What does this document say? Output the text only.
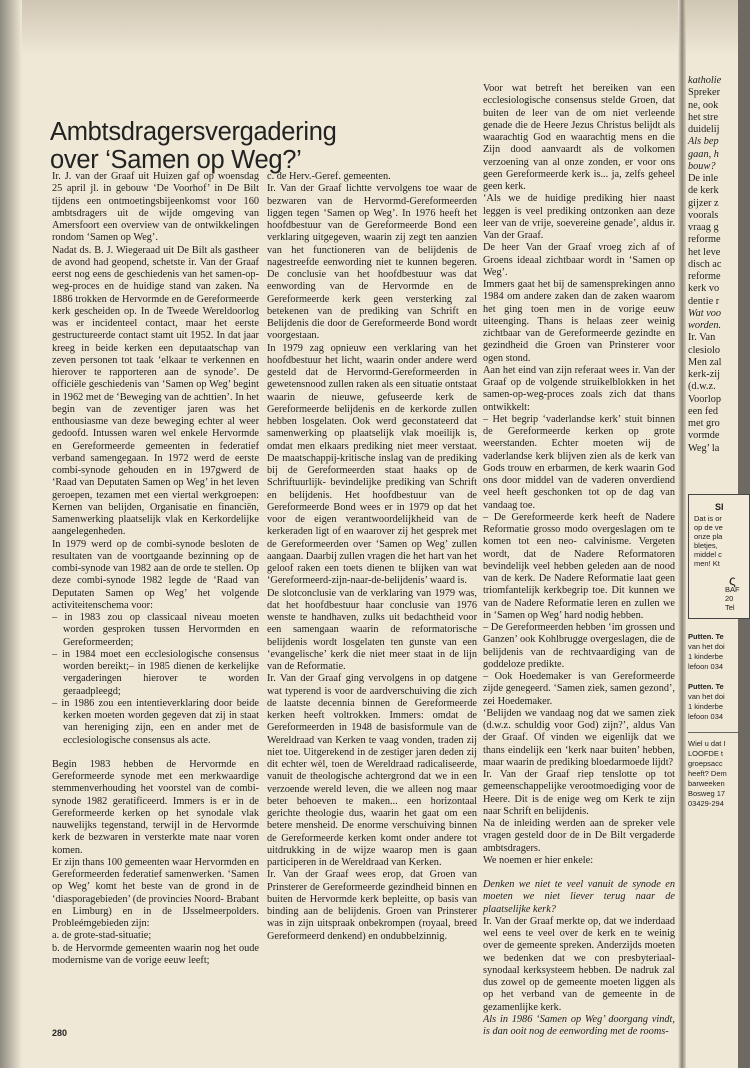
Ambtsdragersvergadering
over ‘Samen op Weg?’

Ir. J. van der Graaf uit Huizen gaf op woensdag 25 april jl. in gebouw ‘De Voorhof’ in De Bilt tijdens een ontmoetingsbijeenkomst voor 160 ambtsdragers uit de wijde omgeving van Amersfoort een overview van de ontwikkelingen rondom ‘Samen op Weg’.

Nadat ds. B. J. Wiegeraad uit De Bilt als gastheer de avond had geopend, schetste ir. Van der Graaf eerst nog eens de geschiedenis van het samen-op-weg-proces en de huidige stand van zaken. Na 1886 trokken de Hervormde en de Gereformeerde kerk gescheiden op. In de Tweede Wereldoorlog was er incidenteel contact, maar het eerste gestructureerde contact stamt uit 1952. In dat jaar kreeg in beide kerken een deputaatschap van zeven personen tot taak ‘elkaar te verkennen en hierover te rapporteren aan de synode’. De officiële geschiedenis van ‘Samen op Weg’ begint in 1962 met de ‘Beweging van de achttien’. In het begin van de zeventiger jaren was het enthousiasme van deze beweging echter al weer gedoofd. Intussen waren wel enkele Hervormde en Gereformeerde gemeenten in federatief verband samengegaan. In 1972 werd de eerste combi-synode gehouden en in 197gwerd de ‘Raad van Deputaten Samen op Weg’ in het leven geroepen, tezamen met een viertal werkgroepen: Kernen van belijden, Organisatie en financiën, Samenwerking plaatselijk vlak en Kerkordelijke aangelegenheden.

In 1979 werd op de combi-synode besloten de resultaten van de voortgaande bezinning op de combi-synode van 1982 aan de orde te stellen. Op deze combi-synode 1982 legde de ‘Raad van Deputaten Samen op Weg’ het volgende activiteitenschema voor:

– in 1983 zou op classicaal niveau moeten worden gesproken tussen Hervormden en Gereformeerden;
– in 1984 moet een ecclesiologische consensus worden bereikt;– in 1985 dienen de kerkelijke vergaderingen hierover te worden geraadpleegd;
– in 1986 zou een intentieverklaring door beide kerken moeten worden gegeven dat zij in staat van hereniging zijn, een en ander met de ecclesiologische consensus als acte.

Begin 1983 hebben de Hervormde en Gereformeerde synode met een merkwaardige stemmenverhouding het voorstel van de combi-synode 1982 geratificeerd. Immers is er in de Gereformeerde kerken op het synodale vlak nauwelijks tegenstand, terwijl in de Hervormde kerk de bezwaren in versterkte mate naar voren komen.

Er zijn thans 100 gemeenten waar Hervormden en Gereformeerden federatief samenwerken. ‘Samen op Weg’ komt het beste van de grond in de ‘diasporagebieden’ (de provincies Noord- Brabant en Limburg) en in de IJsselmeerpolders. Probleémgebieden zijn:

a. de grote-stad-situatie;

b. de Hervormde gemeenten waarin nog het oude modernisme van de vorige eeuw leeft;

c. de Herv.-Geref. gemeenten.

Ir. Van der Graaf lichtte vervolgens toe waar de bezwaren van de Hervormd-Gereformeerden liggen tegen ‘Samen op Weg’. In 1976 heeft het hoofdbestuur van de Gereformeerde Bond een verklaring uitgegeven, waarin zij zegt ten aanzien van het functioneren van de belijdenis de nagestreefde eenwording niet te kunnen begeren. De conclusie van het hoofdbestuur was dat eenwording van de Hervormde en de Gereformeerde kerk geen versterking zal betekenen van de prediking van Schrift en Belijdenis die door de Gereformeerde Bond wordt voorgestaan.

In 1979 zag opnieuw een verklaring van het hoofdbestuur het licht, waarin onder andere werd gesteld dat de Hervormd-Gereformeerden in gewetensnood zullen raken als een situatie ontstaat waarin de nieuwe, gefuseerde kerk de Gereformeerde belijdenis en de kerkorde zullen hebben losgelaten. Ook werd geconstateerd dat samenwerking op plaatselijk vlak moeilijk is, omdat men elkaars prediking niet meer verstaat. De maatschappij-kritische inslag van de prediking bij de Gereformeerden staat haaks op de Schriftuurlijk- bevindelijke prediking van Schrift en belijdenis. Het hoofdbestuur van de Gereformeerde Bond wees er in 1979 op dat het voor de eigen verantwoordelijkheid van de kerkeraden ligt of en waarover zij het gesprek met de Gereformeerden over ‘Samen op Weg’ zullen aangaan. Daarbij zullen vragen die het hart van het geloof raken een toets dienen te blijken van wat ‘Gereformeerd-zijn-naar-de-belijdenis’ waard is.

De slotconclusie van de verklaring van 1979 was, dat het hoofdbestuur haar conclusie van 1976 wenste te handhaven, zulks uit bedachtheid voor een samengaan waarin de reformatorische belijdenis wordt losgelaten ten gunste van een ‘evangelische’ kerk die niet meer staat in de lijn van de Reformatie.

Ir. Van der Graaf ging vervolgens in op datgene wat typerend is voor de aardverschuiving die zich de laatste decennia binnen de Gereformeerde kerken heeft voltrokken. Immers: omdat de Gereformeerden in 1948 de basisformule van de Wereldraad van Kerken te vaag vonden, traden zij niet toe. Uitgerekend in de zestiger jaren deden zij dit echter wèl, toen de Wereldraad radicaliseerde, vanuit de theologische achtergrond dat we in een verzoende wereld leven, die we alleen nog maar beter behoeven te maken... een horizontaal gerichte theologie dus, waarin het gaat om een betere mensheid. De enorme verschuiving binnen de Gereformeerde kerken komt onder andere tot uitdrukking in de wijze waarop men is gaan participeren in de Wereldraad van Kerken.

Ir. Van der Graaf wees erop, dat Groen van Prinsterer de Gereformeerde gezindheid binnen en buiten de Hervormde kerk bepleitte, op basis van binding aan de belijdenis. Groen van Prinsterer was in zijn uitspraak onbekrompen (royaal, breed Gereformeerd denkend) en ondubbelzinnig.

Voor wat betreft het bereiken van een ecclesiologische consensus stelde Groen, dat buiten de leer van de om niet verleende genade die de Heere Jezus Christus belijdt als waarachtig God en waarachtig mens en die Zijn dood aanvaardt als de volkomen verzoening van al onze zonden, er voor ons geen Gereformeerde kerk is... ja, zelfs geheel geen kerk.

‘Als we de huidige prediking hier naast leggen is veel prediking ontzonken aan deze leer van de vrije, soevereine genade’, aldus ir. Van der Graaf.

De heer Van der Graaf vroeg zich af of Groens ideaal zichtbaar wordt in ‘Samen op Weg’.

Immers gaat het bij de samensprekingen anno 1984 om andere zaken dan de zaken waarom het ging toen men in de vorige eeuw uiteenging. Thans is helaas zeer weinig zichtbaar van de Gereformeerde gezindte en gezindheid die Groen van Prinsterer voor ogen stond.

Aan het eind van zijn referaat wees ir. Van der Graaf op de volgende struikelblokken in het samen-op-weg-proces zoals zich dat thans ontwikkelt:

– Het begrip ‘vaderlandse kerk’ stuit binnen de Gereformeerde kerken op grote weerstanden. Echter moeten wij de vaderlandse kerk blijven zien als de kerk van Gods trouw en erbarmen, de kerk waarin God ons door middel van de vaderen onverdiend veel heeft geschonken tot op de dag van vandaag toe.

– De Gereformeerde kerk heeft de Nadere Reformatie grosso modo overgeslagen om te komen tot een neo- calvinisme. Vergeten wordt, dat de Nadere Reformatoren bevindelijk veel hebben geleden aan de nood van de kerk. De Nadere Reformatie laat geen triomfantelijk kerkbegrip toe. Dit kunnen we van de Nadere Reformatie leren en zullen we in ‘Samen op Weg’ hard nodig hebben.

– De Gereformeerden hebben ‘im grossen und Ganzen’ ook Kohlbrugge overgeslagen, die de belijdenis van de rechtvaardiging van de goddeloze predikte.

– Ook Hoedemaker is van Gereformeerde zijde genegeerd. ‘Samen ziek, samen gezond’, zei Hoedemaker.

‘Belijden we vandaag nog dat we samen ziek (d.w.z. schuldig voor God) zijn?’, aldus Van der Graaf. Of vinden we eigenlijk dat we thans eindelijk een ‘kerk naar buiten’ hebben, maar waarin de prediking bloedarmoede lijdt?

Ir. Van der Graaf riep tenslotte op tot gemeenschappelijke verootmoediging voor de Heere. Dit is de enige weg om Kerk te zijn naar Schrift en belijdenis.

Na de inleiding werden aan de spreker vele vragen gesteld door de in De Bilt vergaderde ambtsdragers.

We noemen er hier enkele:

Denken we niet te veel vanuit de synode en moeten we niet liever terug naar de plaatselijke kerk?

Ir. Van der Graaf merkte op, dat we inderdaad wel eens te veel over de kerk en te weinig over de gemeente spreken. Anderzijds moeten we bedenken dat we con presbyteriaal-synodaal kerksysteem hebben. De nadruk zal dus zowel op de gemeente moeten liggen als op het verband van de gemeente in de gezamenlijke kerk.

Als in 1986 ‘Samen op Weg’ doorgang vindt, is dan ooit nog de eenwording met de rooms-

280
katholie
Spreker
ne, ook
het stre
duidelij
Als bep
gaan, h
bouw?
De inle
de kerk
gijzer z
voorals
vraag g
reforme
het leve
disch ac
reforme
kerk vo
dentie r
Wat voo
worden.
Ir. Van
clesiolo
Men zal
kerk-zij
(d.w.z.
Voorlop
een fed
met gro
vormde
Weg’ la
SI
Dat is or
op de ve
onze pla
bletjes,
middel c
men! Kt
ς
BAF
20
Tel
Putten. Te
van het doi
1 kinderbe
lefoon 034
Putten. Te
van het doi
1 kinderbe
lefoon 034
Wiel u dat I
LOOFDE t
groepsacc
heeft? Dem
barweeken
Bosweg 17
03429-294
